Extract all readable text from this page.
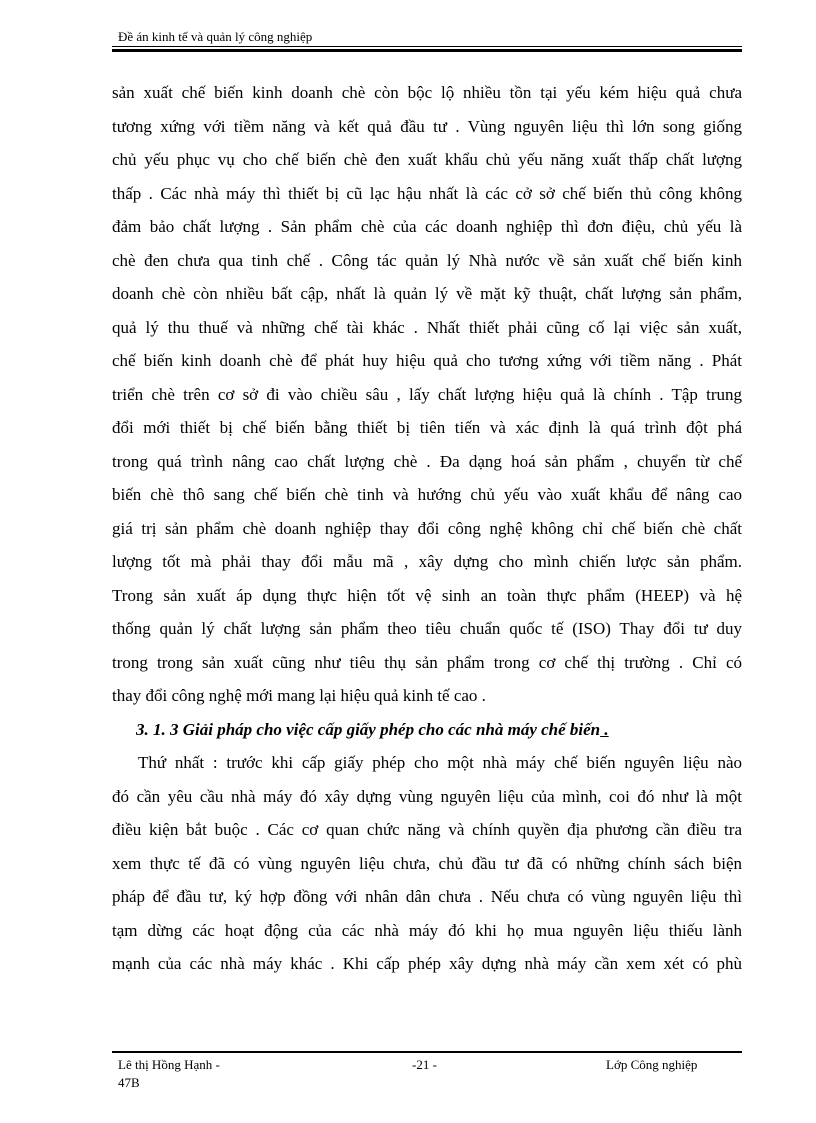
Đề án kinh tế và quản lý công nghiệp
sản xuất chế biến kinh doanh chè còn bộc lộ nhiều tồn tại yếu kém hiệu quả chưa
tương xứng với tiềm năng và kết quả đầu tư . Vùng nguyên liệu thì lớn song giống
chủ yếu phục vụ cho chế biến chè đen xuất khẩu chủ yếu năng xuất thấp chất lượng
thấp . Các nhà máy thì thiết bị cũ lạc hậu nhất là các cở sở chế biến thủ công không
đảm bảo chất lượng . Sản phẩm chè của các doanh nghiệp thì đơn điệu, chủ yếu là
chè đen chưa qua tinh chế . Công tác quản lý Nhà nước về sản xuất chế biến kinh
doanh chè còn nhiều bất cập, nhất là quản lý về mặt kỹ thuật, chất lượng sản phẩm,
quả lý thu thuế và những chế tài khác . Nhất thiết phải cũng cố lại việc sản xuất,
chế biến kinh doanh chè để phát huy hiệu quả cho tương xứng với tiềm năng . Phát
triển chè trên cơ sở đi vào chiều sâu , lấy chất lượng hiệu quả là chính . Tập trung
đổi mới thiết bị chế biến bằng thiết bị tiên tiến và xác định là quá trình đột phá
trong quá trình nâng cao chất lượng chè . Đa dạng hoá sản phẩm , chuyển từ chế
biến chè thô sang chế biến chè tinh và hướng chủ yếu vào xuất khẩu để nâng cao
giá trị sản phẩm chè doanh nghiệp thay đổi công nghệ không chỉ chế biến chè chất
lượng tốt mà phải thay đổi mẫu mã , xây dựng cho mình chiến lược sản phẩm.
Trong sản xuất áp dụng thực hiện tốt vệ sinh an toàn thực phẩm (HEEP) và hệ
thống quản lý chất lượng sản phẩm theo tiêu chuẩn quốc tế (ISO) Thay đổi tư duy
trong trong sản xuất cũng như tiêu thụ sản phẩm trong cơ chế thị trường . Chỉ có
thay đổi công nghệ mới mang lại hiệu quả kinh tế cao .
3. 1. 3 Giải pháp cho việc cấp giấy phép cho các nhà máy chế biến .
Thứ nhất : trước khi cấp giấy phép cho một nhà máy chế biến nguyên liệu nào
đó cần yêu cầu nhà máy đó xây dựng vùng nguyên liệu của mình, coi đó như là một
điều kiện bắt buộc . Các cơ quan chức năng và chính quyền địa phương cần điều tra
xem thực tế đã có vùng nguyên liệu chưa, chủ đầu tư đã có những chính sách biện
pháp để đầu tư, ký hợp đồng với nhân dân chưa . Nếu chưa có vùng nguyên liệu thì
tạm dừng các hoạt động của các nhà máy đó khi họ mua nguyên liệu thiếu lành
mạnh của các nhà máy khác . Khi cấp phép xây dựng nhà máy cần xem xét có phù
Lê thị Hồng Hạnh -
47B
-21 -	Lớp Công nghiệp
